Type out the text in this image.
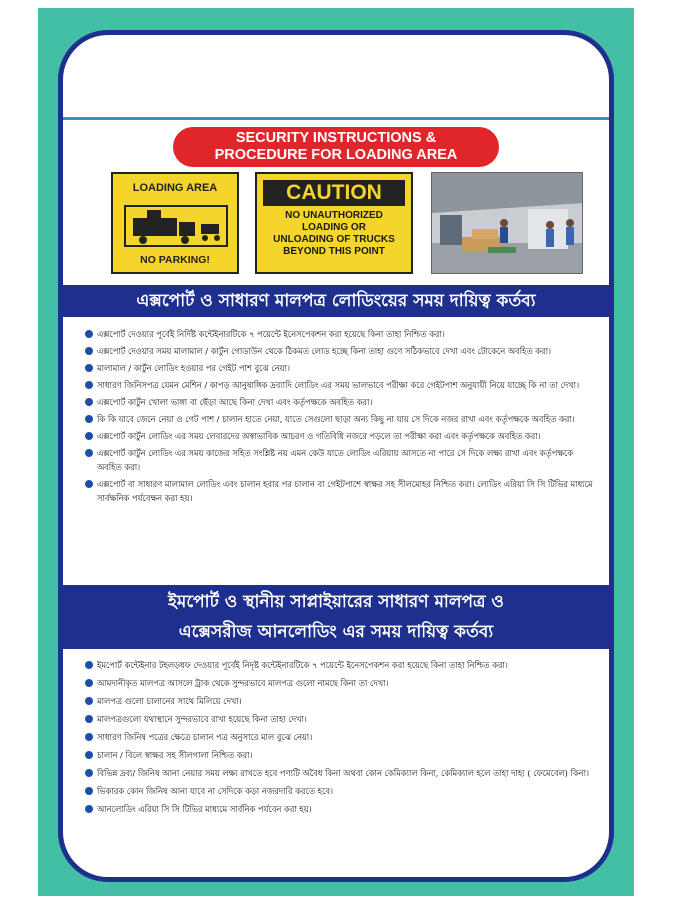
SECURITY INSTRUCTIONS &
PROCEDURE FOR LOADING AREA
LOADING AREA
NO PARKING!
CAUTION
NO UNAUTHORIZED
LOADING OR
UNLOADING OF TRUCKS
BEYOND THIS POINT
এক্সপোর্ট ও সাধারণ মালপত্র লোডিংয়ের সময় দায়িত্ব কর্তব্য
এক্সপোর্ট দেওয়ার পূর্বেই নির্দিষ্ট কন্টেইনারটিকে ৭ পয়েন্টে ইনেসপেকশন করা হয়েছে কিনা তাহা নিশ্চিত করা।
এক্সপোর্ট দেওয়ার সময় মালামাল / কার্টুন গোডাউন থেকে ঠিকমত লোড হচ্ছে কিনা তাহা গুণে সঠিকভাবে দেখা এবং টোকেনে অবহিত করা।
মালামাল / কার্টুন লোডিং হওয়ার পর গেইট পাশ বুঝে নেয়া।
সাধারণ জিনিসপত্র যেমন মেশিন / কাপড় আনুষাঙ্গিক দ্রব্যাদি লোডিং এর সময় ভালভাবে পরীক্ষা করে গেইটপাশ অনুযায়ী নিয়ে যাচ্ছে কি না তা দেখা।
এক্সপোর্ট কার্টুন খোলা ভাঙ্গা বা ছেঁড়া আছে কিনা দেখা এবং কর্তৃপক্ষকে অবহিত করা।
কি কি যাবে জেনে নেয়া ও গেট পাশ / চালান হাতে নেয়া, যাতে সেগুলো ছাড়া অন্য কিছু না যায় সে দিকে নজর রাখা এবং কর্তৃপক্ষকে অবহিত করা।
এক্সপোর্ট কার্টুন লোডিং এর সময় লেবারদের অস্বাভাবিক আচরণ ও গতিবিধি নজরে পড়লে তা পরীক্ষা করা এবং কর্তৃপক্ষকে অবহিত করা।
এক্সপোর্ট কার্টুন লোডিং এর সময় কাজের সহিত সংশ্লিষ্ট নয় এমন কেউ যাতে লোডিং এরিয়ায় আসতে না পারে সে দিকে লক্ষ্য রাখা এবং কর্তৃপক্ষকে অবহিত করা।
এক্সপোর্ট বা সাধারণ মালামাল লোডিং এবং চালান হবার পর চালান বা গেইটপাশে স্বাক্ষর সহ সীলমোহর নিশ্চিত করা। লোডিং এরিয়া সি সি টিভির মাধ্যমে সার্বক্ষনিক পর্যবেক্ষন করা হয়।
ইমপোর্ট ও স্থানীয় সাপ্লাইয়ারের সাধারণ মালপত্র ও
এক্সেসরীজ আনলোডিং এর সময় দায়িত্ব কর্তব্য
ইমপোর্ট কন্টেইনার টহলড়ধফ দেওয়ার পূর্বেই নিদৃষ্ট কন্টেইনারটিকে ৭ পয়েন্টে ইনেসপেকশন করা হয়েছে কিনা তাহা নিশ্চিত করা।
আমদানীকৃত মালপত্র আসলে ট্রাক থেকে সুন্দরভাবে মালপত্র গুলো নামছে কিনা তা দেখা।
মালপত্র গুলো চালানের সাথে মিলিয়ে দেখা।
মালপত্রগুলো যথাস্থানে সুন্দরভাবে রাখা হয়েছে কিনা তাহা দেখা।
সাধারণ জিনিষ পত্রের ক্ষেত্রে চালান পত্র অনুসারে মাল বুঝে নেয়া।
চালান / বিলে স্বাক্ষর সহ সীলগালা নিশ্চিত করা।
বিভিন্ন দ্রব্য/ জিনিষ আনা নেয়ার সময় লক্ষ্য রাখতে হবে পণ্যটি অবৈধ কিনা অথবা কোন কেমিক্যাল কিনা, কেমিক্যাল হলে তাহা দাহ্য ( ফেমেবেল) কিনা।
ভিকারক কোন জিনিষ আনা যাবে না সেদিকে কড়া নজরদারি করতে হবে।
আনলোডিং এরিয়া সি সি টিভির মাধ্যমে সার্বনিক পর্যবেন করা হয়।
